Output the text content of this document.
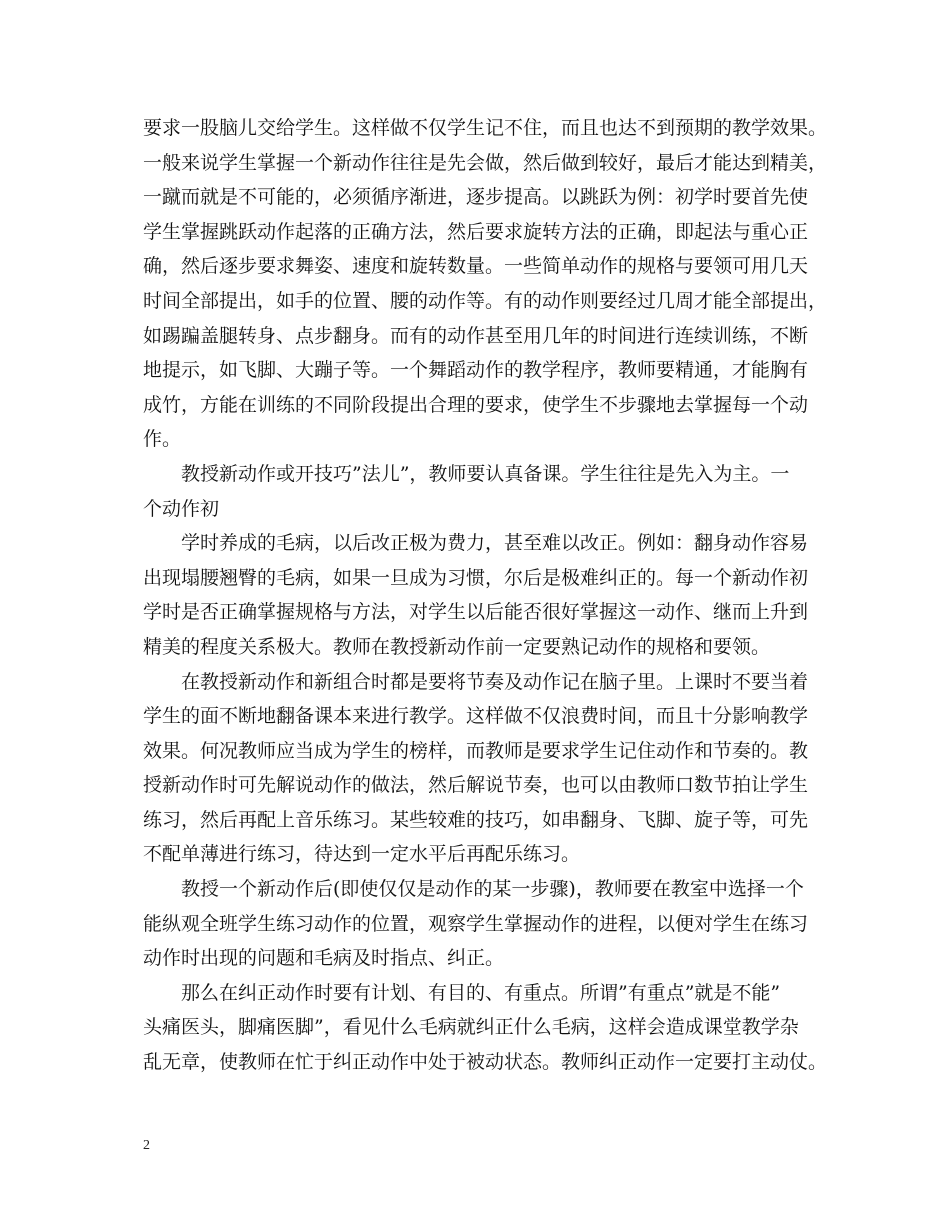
要求一股脑儿交给学生。这样做不仅学生记不住，而且也达不到预期的教学效果。
一般来说学生掌握一个新动作往往是先会做，然后做到较好，最后才能达到精美，
一蹴而就是不可能的，必须循序渐进，逐步提高。以跳跃为例：初学时要首先使
学生掌握跳跃动作起落的正确方法，然后要求旋转方法的正确，即起法与重心正
确，然后逐步要求舞姿、速度和旋转数量。一些简单动作的规格与要领可用几天
时间全部提出，如手的位置、腰的动作等。有的动作则要经过几周才能全部提出，
如踢蹁盖腿转身、点步翻身。而有的动作甚至用几年的时间进行连续训练，不断
地提示，如飞脚、大蹦子等。一个舞蹈动作的教学程序，教师要精通，才能胸有
成竹，方能在训练的不同阶段提出合理的要求，使学生不步骤地去掌握每一个动
作。
　　教授新动作或开技巧”法儿”，教师要认真备课。学生往往是先入为主。一
个动作初
　　学时养成的毛病，以后改正极为费力，甚至难以改正。例如：翻身动作容易
出现塌腰翘臀的毛病，如果一旦成为习惯，尔后是极难纠正的。每一个新动作初
学时是否正确掌握规格与方法，对学生以后能否很好掌握这一动作、继而上升到
精美的程度关系极大。教师在教授新动作前一定要熟记动作的规格和要领。
　　在教授新动作和新组合时都是要将节奏及动作记在脑子里。上课时不要当着
学生的面不断地翻备课本来进行教学。这样做不仅浪费时间，而且十分影响教学
效果。何况教师应当成为学生的榜样，而教师是要求学生记住动作和节奏的。教
授新动作时可先解说动作的做法，然后解说节奏，也可以由教师口数节拍让学生
练习，然后再配上音乐练习。某些较难的技巧，如串翻身、飞脚、旋子等，可先
不配单薄进行练习，待达到一定水平后再配乐练习。
　　教授一个新动作后(即使仅仅是动作的某一步骤)，教师要在教室中选择一个
能纵观全班学生练习动作的位置，观察学生掌握动作的进程，以便对学生在练习
动作时出现的问题和毛病及时指点、纠正。
　　那么在纠正动作时要有计划、有目的、有重点。所谓”有重点”就是不能”
头痛医头，脚痛医脚”，看见什么毛病就纠正什么毛病，这样会造成课堂教学杂
乱无章，使教师在忙于纠正动作中处于被动状态。教师纠正动作一定要打主动仗。
2
